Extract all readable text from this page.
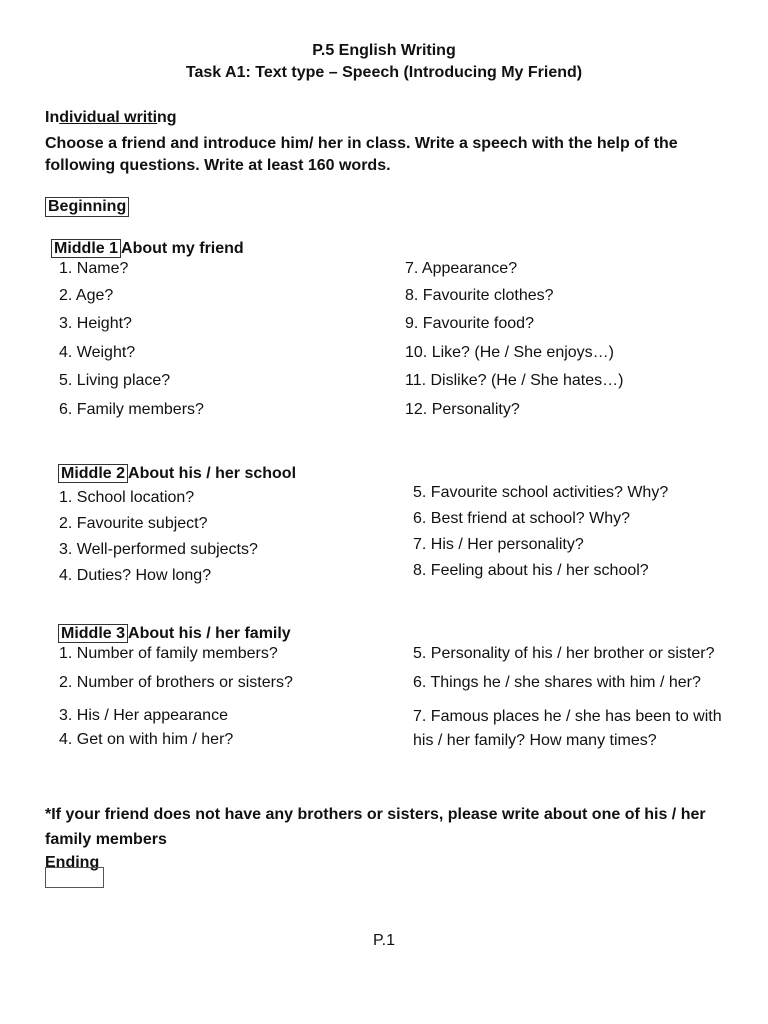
P.5 English Writing
Task A1: Text type – Speech (Introducing My Friend)
Individual writing
Choose a friend and introduce him/ her in class. Write a speech with the help of the following questions. Write at least 160 words.
Beginning
Middle 1 About my friend
1. Name?
2. Age?
3. Height?
4. Weight?
5. Living place?
6. Family members?
7. Appearance?
8. Favourite clothes?
9. Favourite food?
10. Like? (He / She enjoys…)
11. Dislike? (He / She hates…)
12. Personality?
Middle 2 About his / her school
1. School location?
2. Favourite subject?
3. Well-performed subjects?
4. Duties? How long?
5. Favourite school activities? Why?
6. Best friend at school? Why?
7. His / Her personality?
8. Feeling about his / her school?
Middle 3 About his / her family
1. Number of family members?
2. Number of brothers or sisters?
3. His / Her appearance
4. Get on with him / her?
5. Personality of his / her brother or sister?
6. Things he / she shares with him / her?
7. Famous places he / she has been to with his / her family? How many times?
*If your friend does not have any brothers or sisters, please write about one of his / her family members
Ending
P.1
